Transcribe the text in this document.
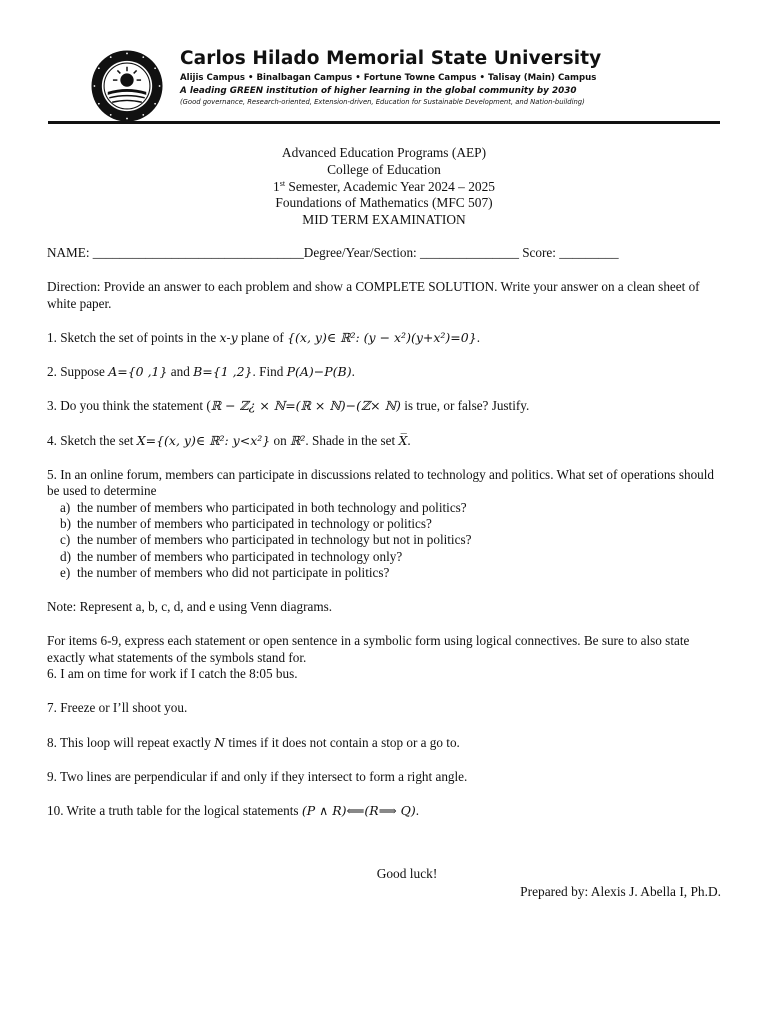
Carlos Hilado Memorial State University
Alijis Campus • Binalbagan Campus • Fortune Towne Campus • Talisay (Main) Campus
A leading GREEN institution of higher learning in the global community by 2030
(Good governance, Research-oriented, Extension-driven, Education for Sustainable Development, and Nation-building)
Advanced Education Programs (AEP)
College of Education
1st Semester, Academic Year 2024 – 2025
Foundations of Mathematics (MFC 507)
MID TERM EXAMINATION

NAME: ________________________________Degree/Year/Section: _______________ Score: _________

Direction: Provide an answer to each problem and show a COMPLETE SOLUTION. Write your answer on a clean sheet of white paper.

1. Sketch the set of points in the x-y plane of {(x, y)∈ ℝ²: (y − x²)(y+x²)=0}.

2. Suppose A={0 ,1} and B={1 ,2}. Find P(A)−P(B).

3. Do you think the statement (ℝ − ℤ¿ × ℕ=(ℝ × ℕ)−(ℤ× ℕ) is true, or false? Justify.

4. Sketch the set X={(x, y)∈ ℝ²: y<x²} on ℝ². Shade in the set X̅.

5. In an online forum, members can participate in discussions related to technology and politics. What set of operations should be used to determine

a) the number of members who participated in both technology and politics?
b) the number of members who participated in technology or politics?
c) the number of members who participated in technology but not in politics?
d) the number of members who participated in technology only?
e) the number of members who did not participate in politics?

Note: Represent a, b, c, d, and e using Venn diagrams.

For items 6-9, express each statement or open sentence in a symbolic form using logical connectives. Be sure to also state exactly what statements of the symbols stand for.

6. I am on time for work if I catch the 8:05 bus.

7. Freeze or I’ll shoot you.

8. This loop will repeat exactly N times if it does not contain a stop or a go to.

9. Two lines are perpendicular if and only if they intersect to form a right angle.

10. Write a truth table for the logical statements (P ∧ R)⟸(R⟹ Q).

Good luck!
Prepared by: Alexis J. Abella I, Ph.D.
